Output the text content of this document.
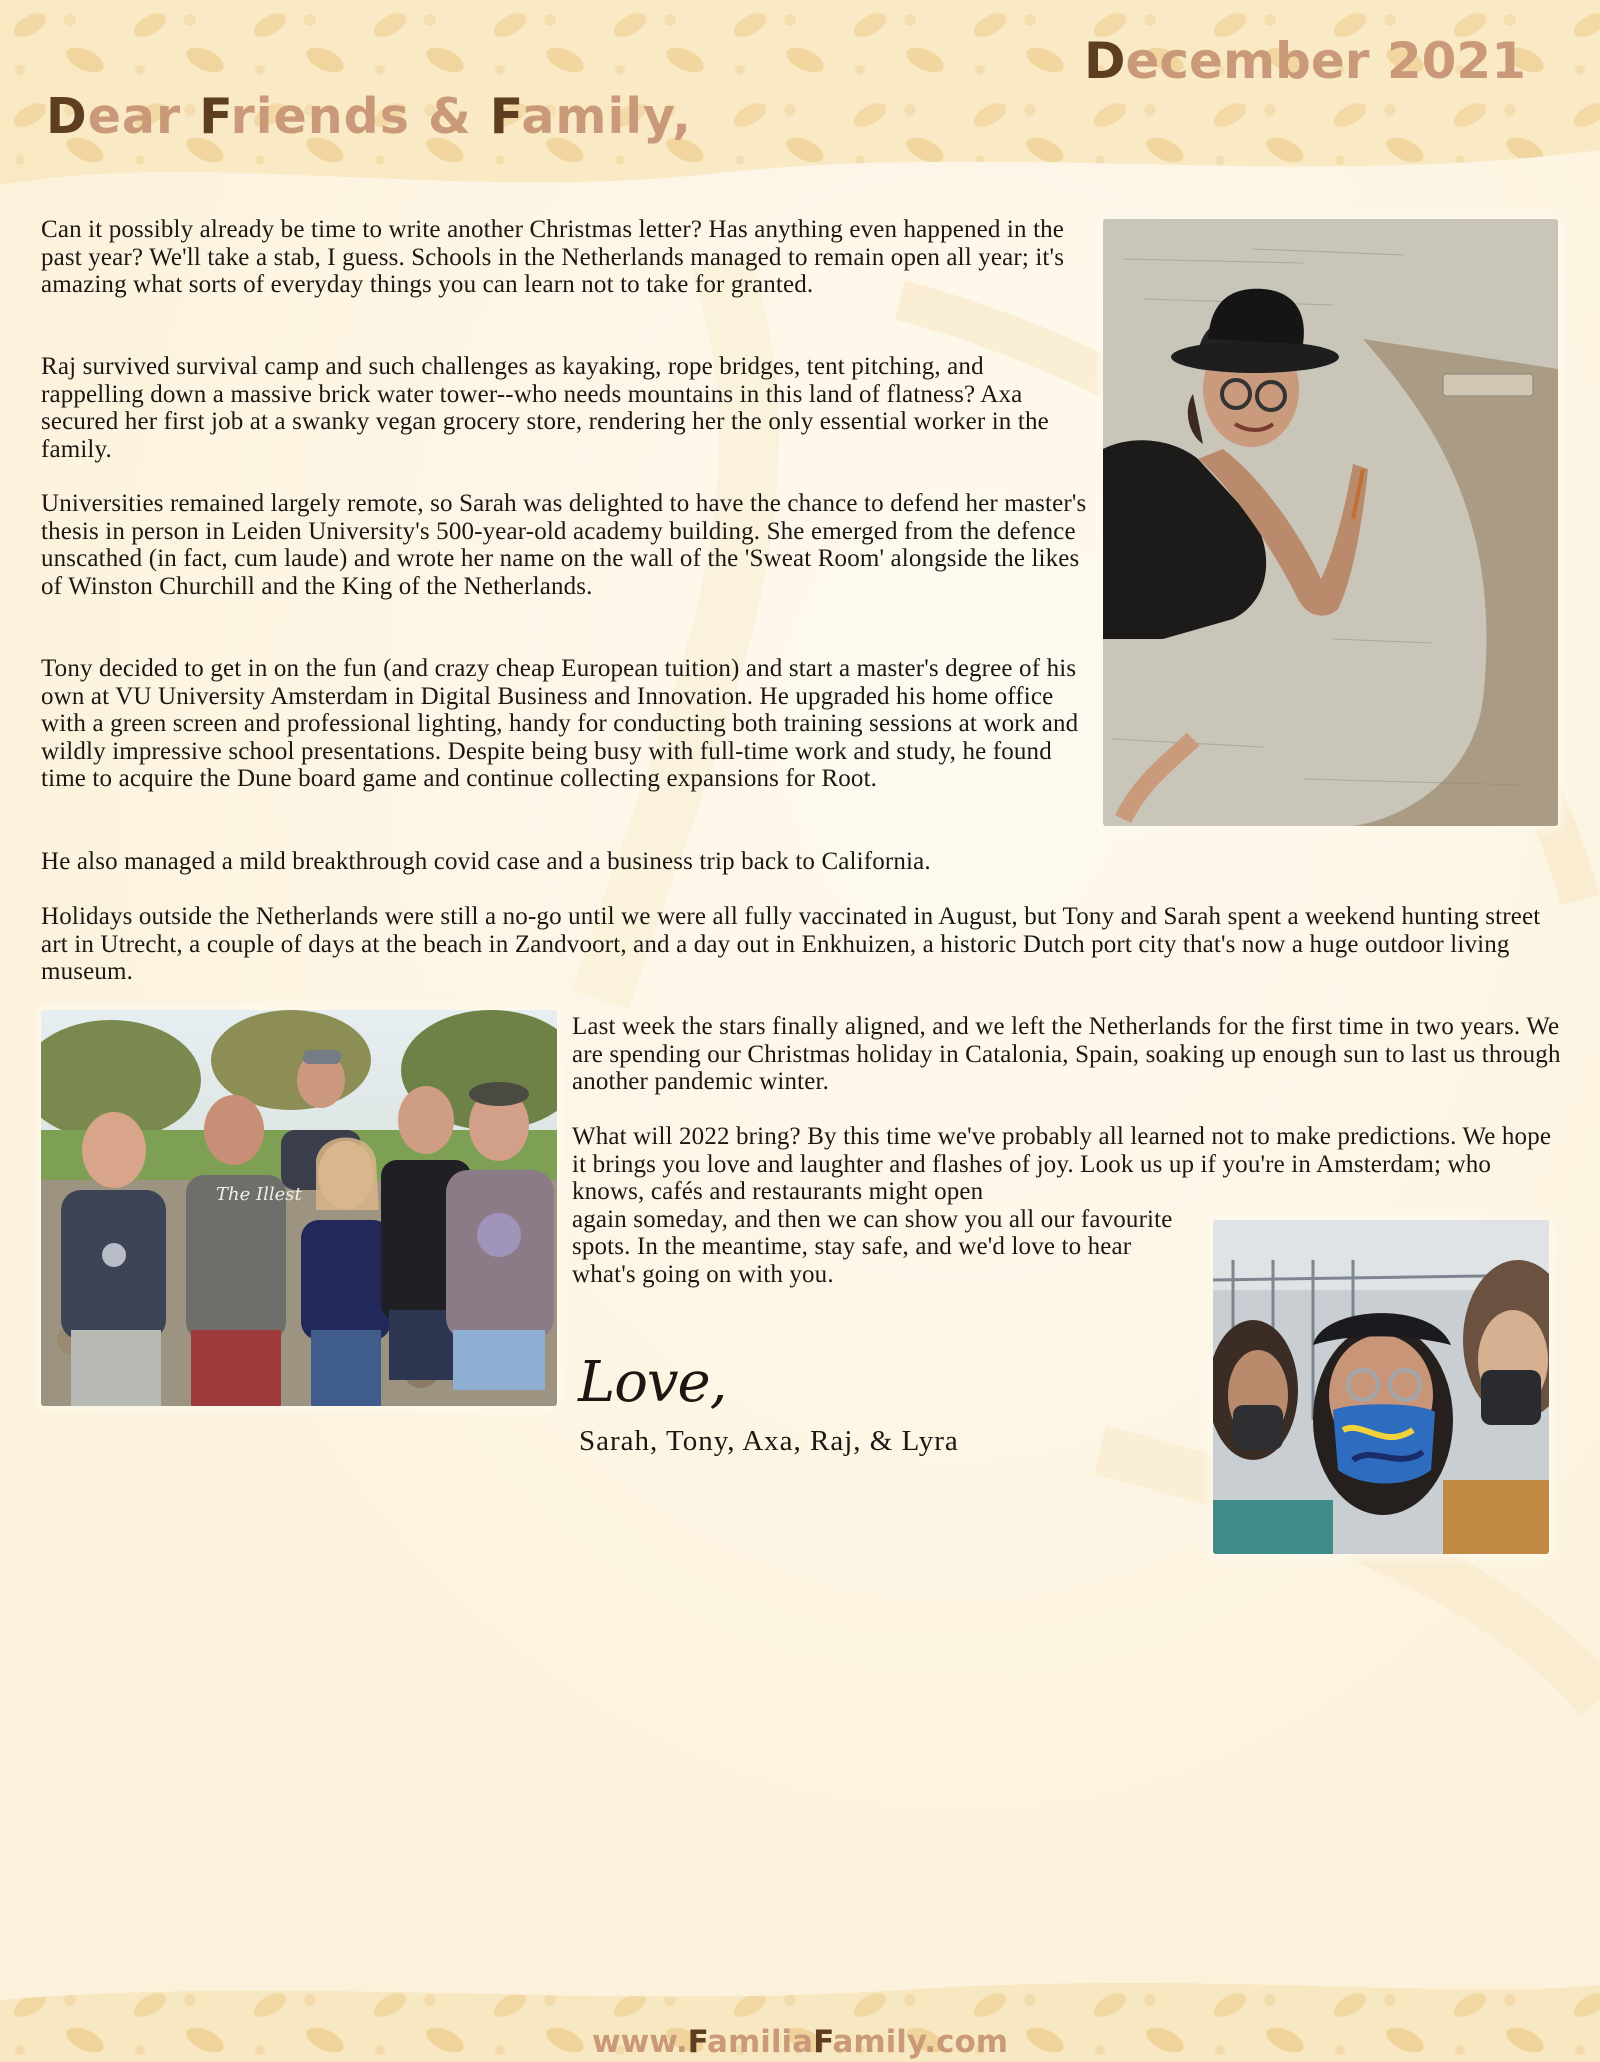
Dear Friends & Family,

December 2021

Can it possibly already be time to write another Christmas letter? Has anything even happened in the past year? We'll take a stab, I guess. Schools in the Netherlands managed to remain open all year; it's amazing what sorts of everyday things you can learn not to take for granted.

Raj survived survival camp and such challenges as kayaking, rope bridges, tent pitching, and rappelling down a massive brick water tower--who needs mountains in this land of flatness? Axa secured her first job at a swanky vegan grocery store, rendering her the only essential worker in the family.

Universities remained largely remote, so Sarah was delighted to have the chance to defend her master's thesis in person in Leiden University's 500-year-old academy building. She emerged from the defence unscathed (in fact, cum laude) and wrote her name on the wall of the 'Sweat Room' alongside the likes of Winston Churchill and the King of the Netherlands.

Tony decided to get in on the fun (and crazy cheap European tuition) and start a master's degree of his own at VU University Amsterdam in Digital Business and Innovation. He upgraded his home office with a green screen and professional lighting, handy for conducting both training sessions at work and wildly impressive school presentations. Despite being busy with full-time work and study, he found time to acquire the Dune board game and continue collecting expansions for Root.

He also managed a mild breakthrough covid case and a business trip back to California.

Holidays outside the Netherlands were still a no-go until we were all fully vaccinated in August, but Tony and Sarah spent a weekend hunting street art in Utrecht, a couple of days at the beach in Zandvoort, and a day out in Enkhuizen, a historic Dutch port city that's now a huge outdoor living museum.

Last week the stars finally aligned, and we left the Netherlands for the first time in two years. We are spending our Christmas holiday in Catalonia, Spain, soaking up enough sun to last us through another pandemic winter.

What will 2022 bring? By this time we've probably all learned not to make predictions. We hope it brings you love and laughter and flashes of joy. Look us up if you're in Amsterdam; who knows, cafés and restaurants might open
again someday, and then we can show you all our favourite spots. In the meantime, stay safe, and we'd love to hear what's going on with you.

The Illest

Love,

Sarah, Tony, Axa, Raj, & Lyra

www.FamiliaFamily.com
